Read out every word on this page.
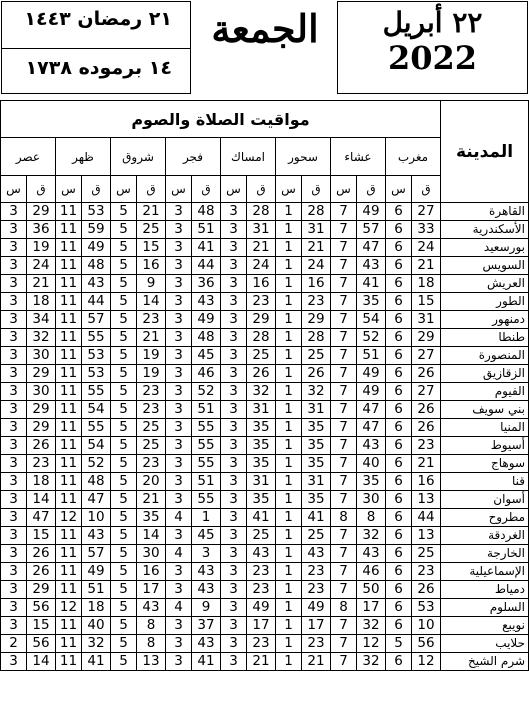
٢١ رمضان ١٤٤٣
١٤ برموده ١٧٣٨
الجمعة	٢٢ أبريل
2022
مواقيت الصلاة والصوم																المدينة
عصر		ظهر		شروق		فجر		امساك		سحور		عشاء		مغرب		
س	ق	س	ق	س	ق	س	ق	س	ق	س	ق	س	ق	س	ق	
3	29	11	53	5	21	3	48	3	28	1	28	7	49	6	27	القاهرة
3	36	11	59	5	25	3	51	3	31	1	31	7	57	6	33	الأسكندرية
3	19	11	49	5	15	3	41	3	21	1	21	7	47	6	24	بورسعيد
3	24	11	48	5	16	3	44	3	24	1	24	7	43	6	21	السويس
3	21	11	43	5	9	3	36	3	16	1	16	7	41	6	18	العريش
3	18	11	44	5	14	3	43	3	23	1	23	7	35	6	15	الطور
3	34	11	57	5	23	3	49	3	29	1	29	7	54	6	31	دمنهور
3	32	11	55	5	21	3	48	3	28	1	28	7	52	6	29	طنطا
3	30	11	53	5	19	3	45	3	25	1	25	7	51	6	27	المنصورة
3	29	11	53	5	19	3	46	3	26	1	26	7	49	6	26	الزقازيق
3	30	11	55	5	23	3	52	3	32	1	32	7	49	6	27	الفيوم
3	29	11	54	5	23	3	51	3	31	1	31	7	47	6	26	بني سويف
3	29	11	55	5	25	3	55	3	35	1	35	7	47	6	26	المنيا
3	26	11	54	5	25	3	55	3	35	1	35	7	43	6	23	أسيوط
3	23	11	52	5	23	3	55	3	35	1	35	7	40	6	21	سوهاج
3	18	11	48	5	20	3	51	3	31	1	31	7	35	6	16	قنا
3	14	11	47	5	21	3	55	3	35	1	35	7	30	6	13	أسوان
3	47	12	10	5	35	4	1	3	41	1	41	8	8	6	44	مطروح
3	15	11	43	5	14	3	45	3	25	1	25	7	32	6	13	الغردقة
3	26	11	57	5	30	4	3	3	43	1	43	7	43	6	25	الخارجة
3	26	11	49	5	16	3	43	3	23	1	23	7	46	6	23	الإسماعيلية
3	29	11	51	5	17	3	43	3	23	1	23	7	50	6	26	دمياط
3	56	12	18	5	43	4	9	3	49	1	49	8	17	6	53	السلوم
3	15	11	40	5	8	3	37	3	17	1	17	7	32	6	10	نويبع
2	56	11	32	5	8	3	43	3	23	1	23	7	12	5	56	حلايب
3	14	11	41	5	13	3	41	3	21	1	21	7	32	6	12	شرم الشيخ
